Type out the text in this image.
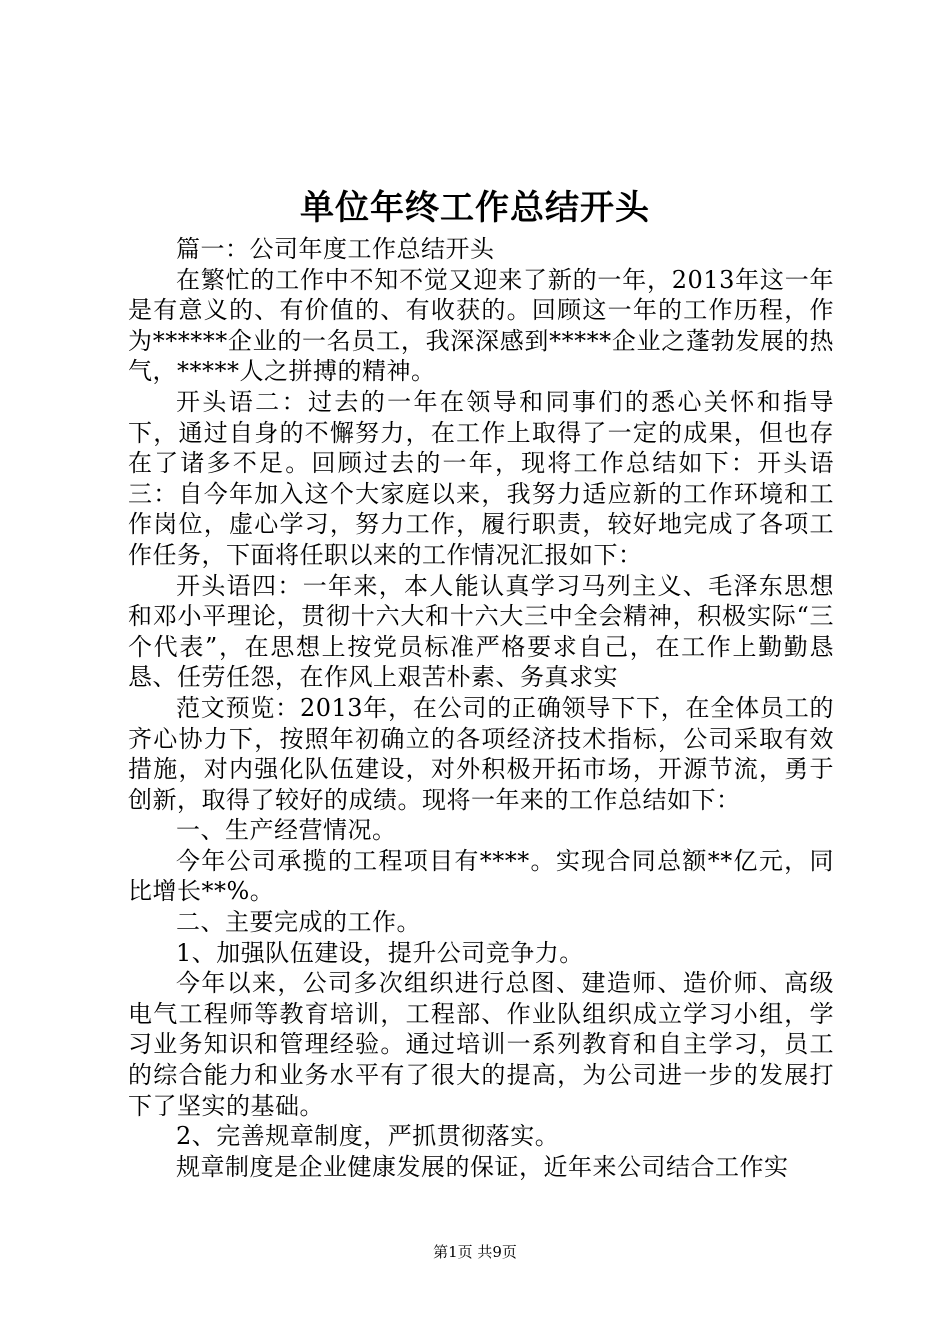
单位年终工作总结开头

篇一：公司年度工作总结开头

在繁忙的工作中不知不觉又迎来了新的一年，2013年这一年是有意义的、有价值的、有收获的。回顾这一年的工作历程，作为******企业的一名员工，我深深感到*****企业之蓬勃发展的热气，*****人之拼搏的精神。

开头语二：过去的一年在领导和同事们的悉心关怀和指导下，通过自身的不懈努力，在工作上取得了一定的成果，但也存在了诸多不足。回顾过去的一年，现将工作总结如下：开头语三：自今年加入这个大家庭以来，我努力适应新的工作环境和工作岗位，虚心学习，努力工作，履行职责，较好地完成了各项工作任务，下面将任职以来的工作情况汇报如下：

开头语四：一年来，本人能认真学习马列主义、毛泽东思想和邓小平理论，贯彻十六大和十六大三中全会精神，积极实际“三个代表”，在思想上按党员标准严格要求自己，在工作上勤勤恳恳、任劳任怨，在作风上艰苦朴素、务真求实

范文预览：2013年，在公司的正确领导下下，在全体员工的齐心协力下，按照年初确立的各项经济技术指标，公司采取有效措施，对内强化队伍建设，对外积极开拓市场，开源节流，勇于创新，取得了较好的成绩。现将一年来的工作总结如下：

一、生产经营情况。

今年公司承揽的工程项目有****。实现合同总额**亿元，同比增长**%。

二、主要完成的工作。

1、加强队伍建设，提升公司竞争力。

今年以来，公司多次组织进行总图、建造师、造价师、高级电气工程师等教育培训，工程部、作业队组织成立学习小组，学习业务知识和管理经验。通过培训一系列教育和自主学习，员工的综合能力和业务水平有了很大的提高，为公司进一步的发展打下了坚实的基础。

2、完善规章制度，严抓贯彻落实。

规章制度是企业健康发展的保证，近年来公司结合工作实

第1页 共9页
